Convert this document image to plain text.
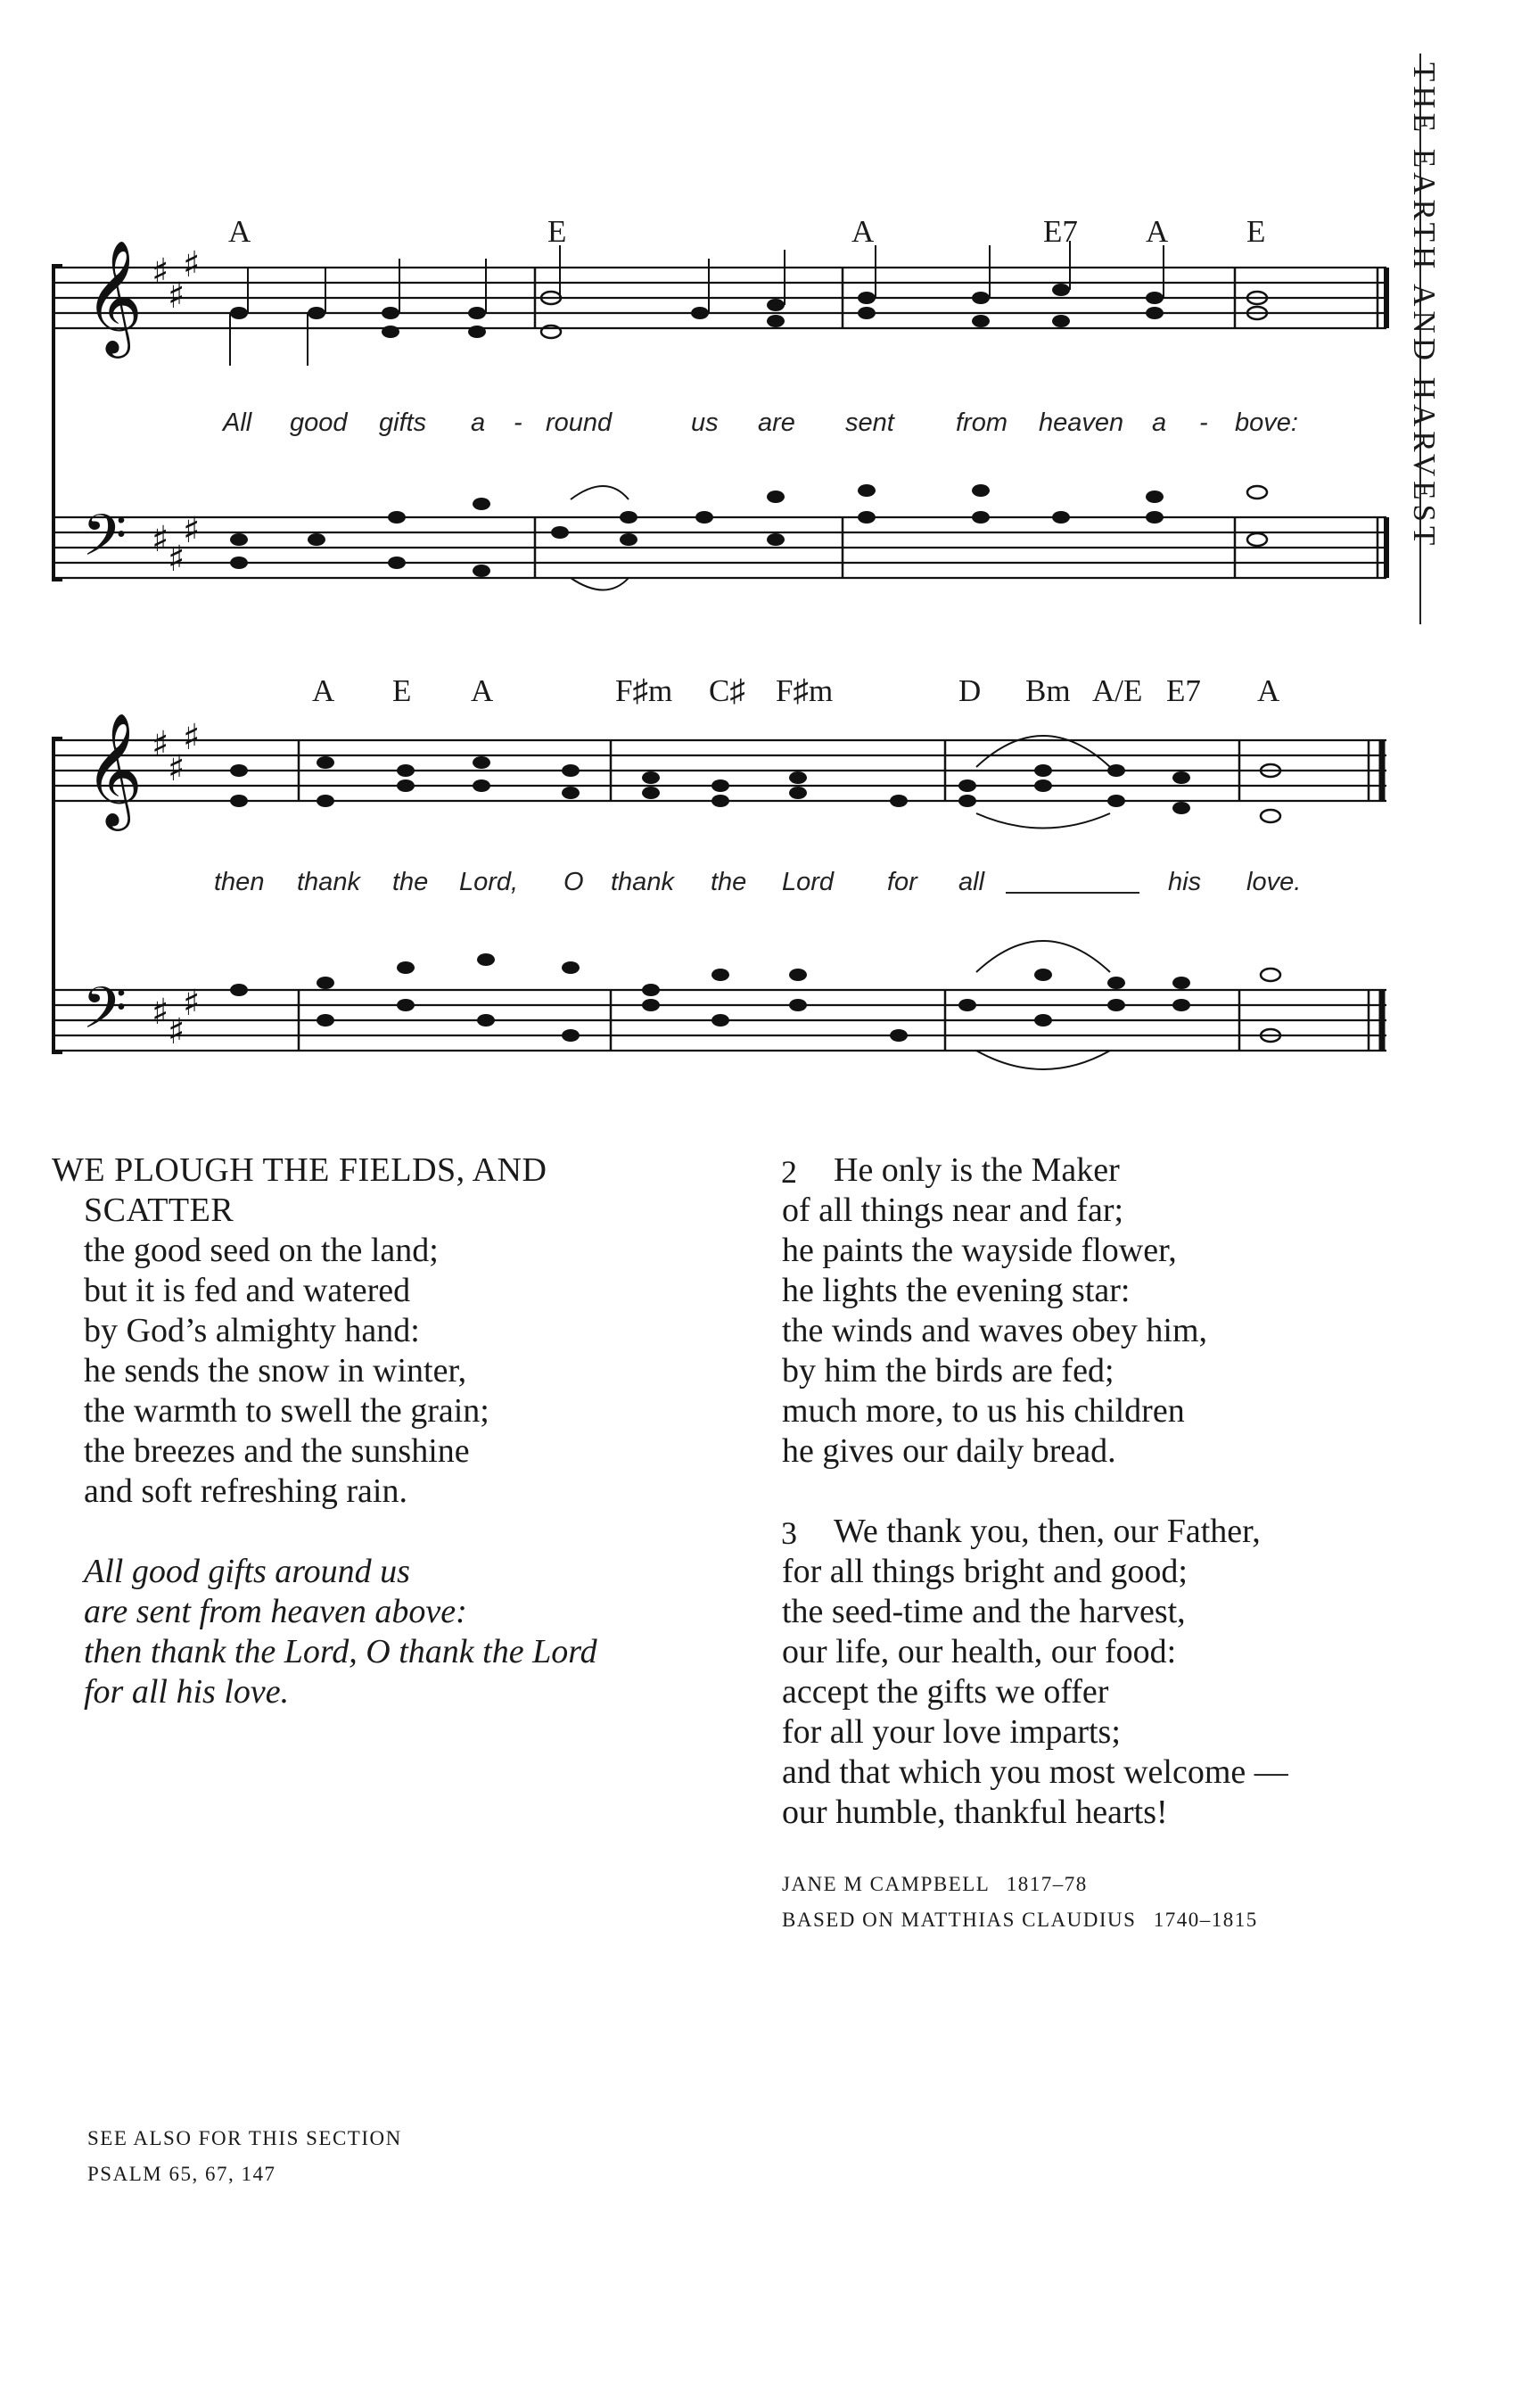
THE EARTH AND HARVEST
A	E	A	E7 A	E
𝄞
𝄢
♯
♯
♯
♯
♯
♯
All good gifts a - round	us are sent from heaven a - bove:
A E A	F♯m C♯ F♯m	D Bm A/E E7 A
𝄞
𝄢
♯
♯
♯
♯
♯
♯
then thank the Lord, O thank the Lord for all	his love.
WE PLOUGH THE FIELDS, AND
SCATTER
the good seed on the land;
but it is fed and watered
by God’s almighty hand:
he sends the snow in winter,
the warmth to swell the grain;
the breezes and the sunshine
and soft refreshing rain.
All good gifts around us
are sent from heaven above:
then thank the Lord, O thank the Lord
for all his love.
2 He only is the Maker
of all things near and far;
he paints the wayside flower,
he lights the evening star:
the winds and waves obey him,
by him the birds are fed;
much more, to us his children
he gives our daily bread.
3 We thank you, then, our Father,
for all things bright and good;
the seed-time and the harvest,
our life, our health, our food:
accept the gifts we offer
for all your love imparts;
and that which you most welcome —
our humble, thankful hearts!
JANE M CAMPBELL 1817–78
BASED ON MATTHIAS CLAUDIUS 1740–1815
SEE ALSO FOR THIS SECTION
PSALM 65, 67, 147
